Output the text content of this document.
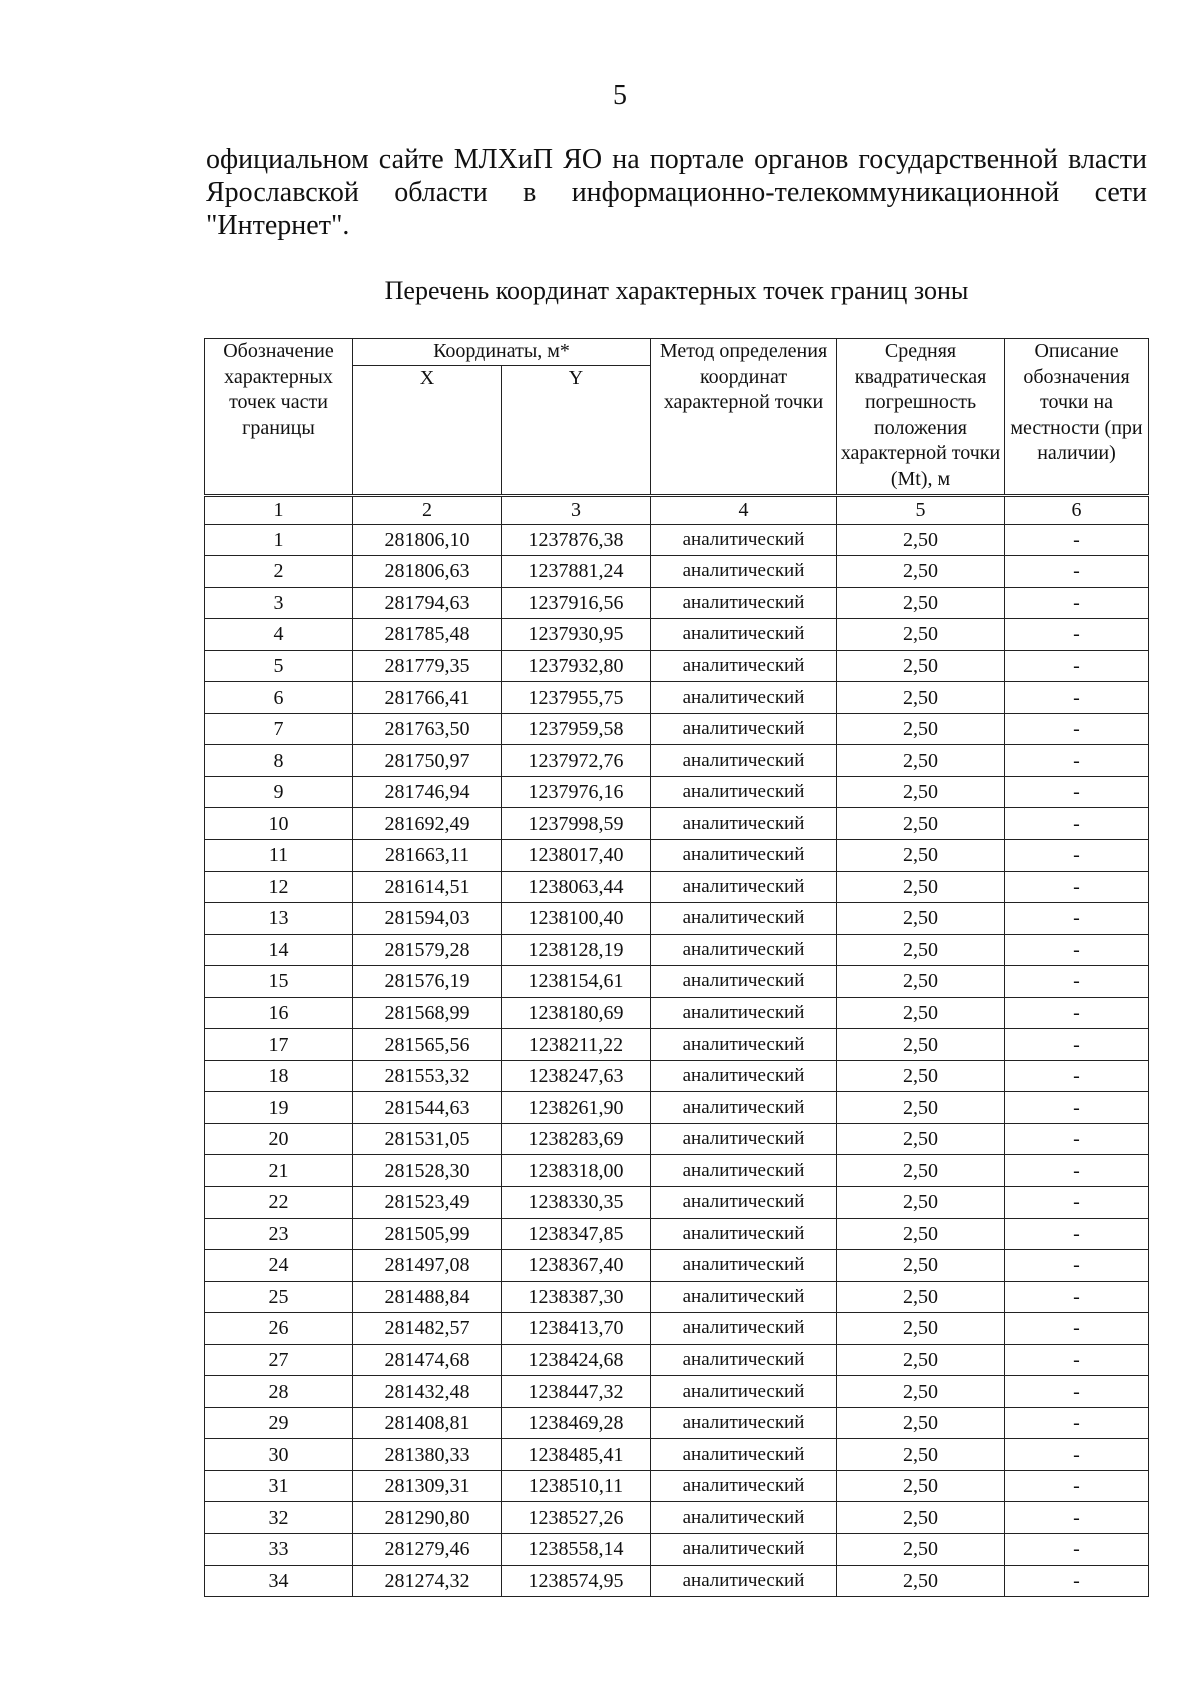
5
официальном сайте МЛХиП ЯО на портале органов государственной власти
Ярославской области в информационно-телекоммуникационной сети
"Интернет".
Перечень координат характерных точек границ зоны
Обозначение характерных точек части границы	Координаты, м*		Метод определения координат характерной точки	Средняя квадратическая погрешность положения характерной точки (Mt), м	Описание обозначения точки на местности (при наличии)
	X	Y			
1	2	3	4	5	6
1	281806,10	1237876,38	аналитический	2,50	-
2	281806,63	1237881,24	аналитический	2,50	-
3	281794,63	1237916,56	аналитический	2,50	-
4	281785,48	1237930,95	аналитический	2,50	-
5	281779,35	1237932,80	аналитический	2,50	-
6	281766,41	1237955,75	аналитический	2,50	-
7	281763,50	1237959,58	аналитический	2,50	-
8	281750,97	1237972,76	аналитический	2,50	-
9	281746,94	1237976,16	аналитический	2,50	-
10	281692,49	1237998,59	аналитический	2,50	-
11	281663,11	1238017,40	аналитический	2,50	-
12	281614,51	1238063,44	аналитический	2,50	-
13	281594,03	1238100,40	аналитический	2,50	-
14	281579,28	1238128,19	аналитический	2,50	-
15	281576,19	1238154,61	аналитический	2,50	-
16	281568,99	1238180,69	аналитический	2,50	-
17	281565,56	1238211,22	аналитический	2,50	-
18	281553,32	1238247,63	аналитический	2,50	-
19	281544,63	1238261,90	аналитический	2,50	-
20	281531,05	1238283,69	аналитический	2,50	-
21	281528,30	1238318,00	аналитический	2,50	-
22	281523,49	1238330,35	аналитический	2,50	-
23	281505,99	1238347,85	аналитический	2,50	-
24	281497,08	1238367,40	аналитический	2,50	-
25	281488,84	1238387,30	аналитический	2,50	-
26	281482,57	1238413,70	аналитический	2,50	-
27	281474,68	1238424,68	аналитический	2,50	-
28	281432,48	1238447,32	аналитический	2,50	-
29	281408,81	1238469,28	аналитический	2,50	-
30	281380,33	1238485,41	аналитический	2,50	-
31	281309,31	1238510,11	аналитический	2,50	-
32	281290,80	1238527,26	аналитический	2,50	-
33	281279,46	1238558,14	аналитический	2,50	-
34	281274,32	1238574,95	аналитический	2,50	-
